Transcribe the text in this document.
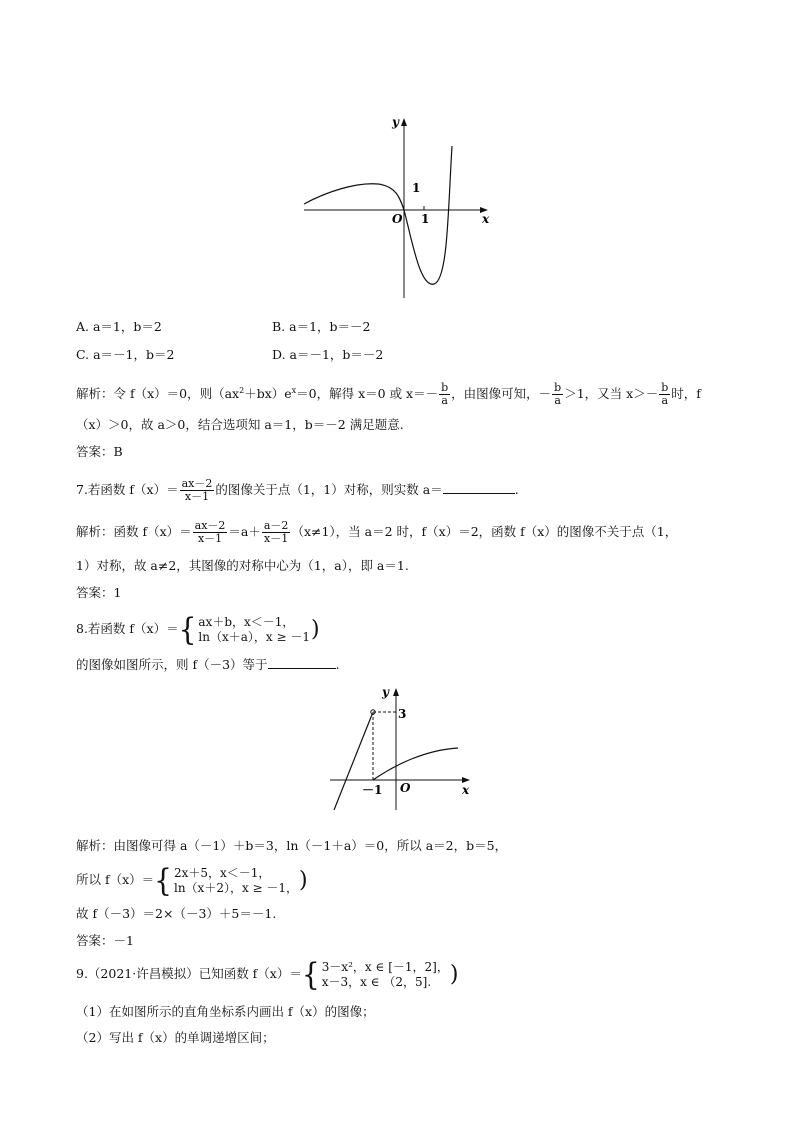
y
x
O 1
1
A. a＝1，b＝2	B. a＝1，b＝－2
C. a＝－1，b＝2	D. a＝－1，b＝－2
解析：令 f（x）＝0，则$(ax^2+bx)e^x=0$，解得 x＝0 或 $x=- \frac{b}{a}$ ，由图像可知，－ $\frac{b}{a} >1$，又当 $x>- \frac{b}{a}$ 时，f
（x）＞0，故 a＞0，结合选项知 a＝1，b＝－2 满足题意.
答案：B
7.若函数 $f(x)= \frac{ax-2}{x-1}$ 的图像关于点（1，1）对称，则实数 a＝	.
解析：函数 $f(x)= \frac{ax-2}{x-1} =a+ \frac{a-2}{x-1} (x\ne 1)$，当 a＝2 时，f（x）＝2，函数 f（x）的图像不关于点（1，
1）对称，故 a≠2，其图像的对称中心为（1，a），即 a＝1.
答案：1
8.若函数 f（x）＝{ ax＋b，x＜－1，
ln（x＋a），x ≥ －1 )
的图像如图所示，则 f（－3）等于	.
y
x
O
3
－1
解析：由图像可得 a（－1）＋b＝3，ln（－1＋a）＝0，所以 a＝2，b＝5，
所以 f（x）＝{ 2x＋5，x＜－1，
ln（x＋2），x ≥ －1， )
故 f（－3）＝2×（－3）＋5＝－1.
答案：－1
9.（2021·许昌模拟）已知函数 f（x）＝{ 3－x²，x ∈ [－1，2]，
x－3，x ∈ （2，5]. )
（1）在如图所示的直角坐标系内画出 f（x）的图像；
（2）写出 f（x）的单调递增区间；
